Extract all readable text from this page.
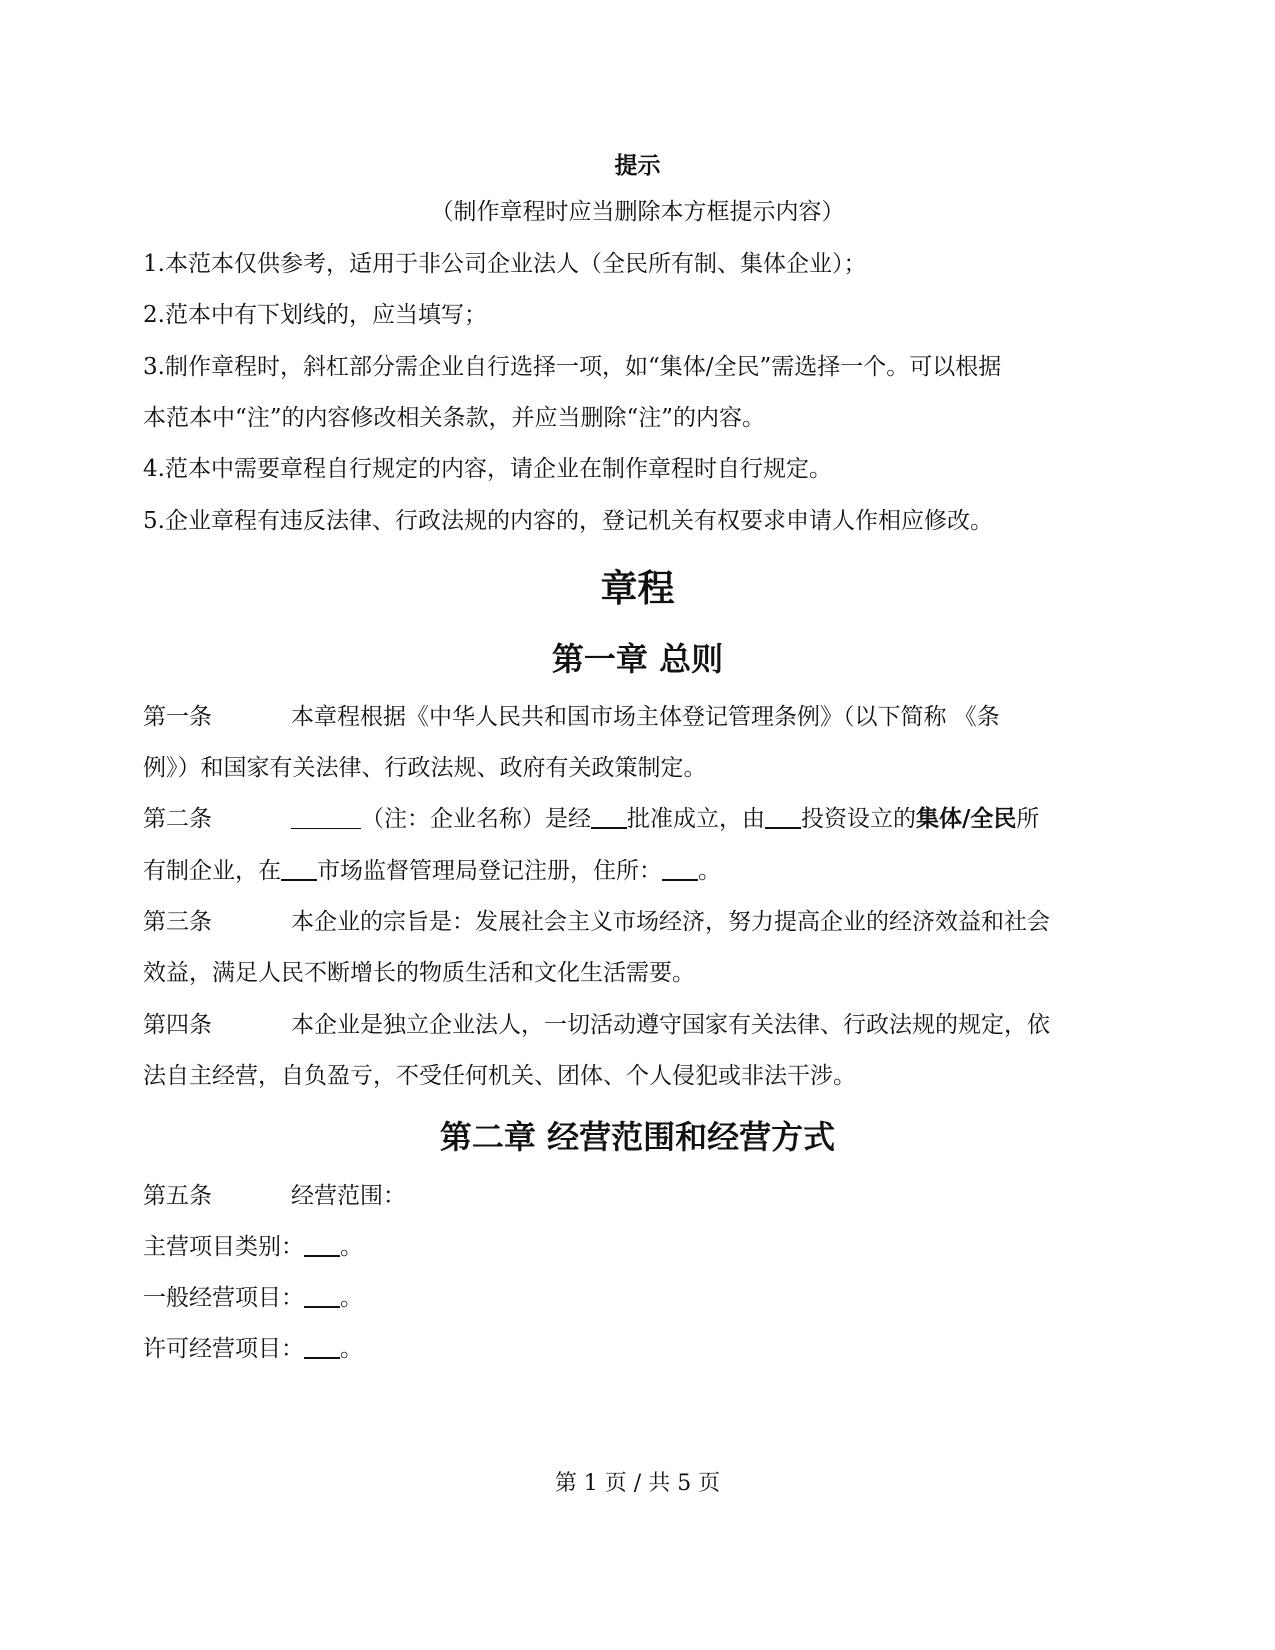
提示
（制作章程时应当删除本方框提示内容）
1.本范本仅供参考，适用于非公司企业法人（全民所有制、集体企业）；
2.范本中有下划线的，应当填写；
3.制作章程时，斜杠部分需企业自行选择一项，如“集体/全民”需选择一个。可以根据
本范本中“注”的内容修改相关条款，并应当删除“注”的内容。
4.范本中需要章程自行规定的内容，请企业在制作章程时自行规定。
5.企业章程有违反法律、行政法规的内容的，登记机关有权要求申请人作相应修改。
章程
第一章 总则
第一条	本章程根据《中华人民共和国市场主体登记管理条例》（以下简称 《条
例》）和国家有关法律、行政法规、政府有关政策制定。
第二条	（注：企业名称）是经 批准成立，由 投资设立的集体/全民所
有制企业，在 市场监督管理局登记注册，住所： 。
第三条	本企业的宗旨是：发展社会主义市场经济，努力提高企业的经济效益和社会
效益，满足人民不断增长的物质生活和文化生活需要。
第四条	本企业是独立企业法人，一切活动遵守国家有关法律、行政法规的规定，依
法自主经营，自负盈亏，不受任何机关、团体、个人侵犯或非法干涉。
第二章 经营范围和经营方式
第五条	经营范围：
主营项目类别： 。
一般经营项目： 。
许可经营项目： 。
第 1 页 / 共 5 页
